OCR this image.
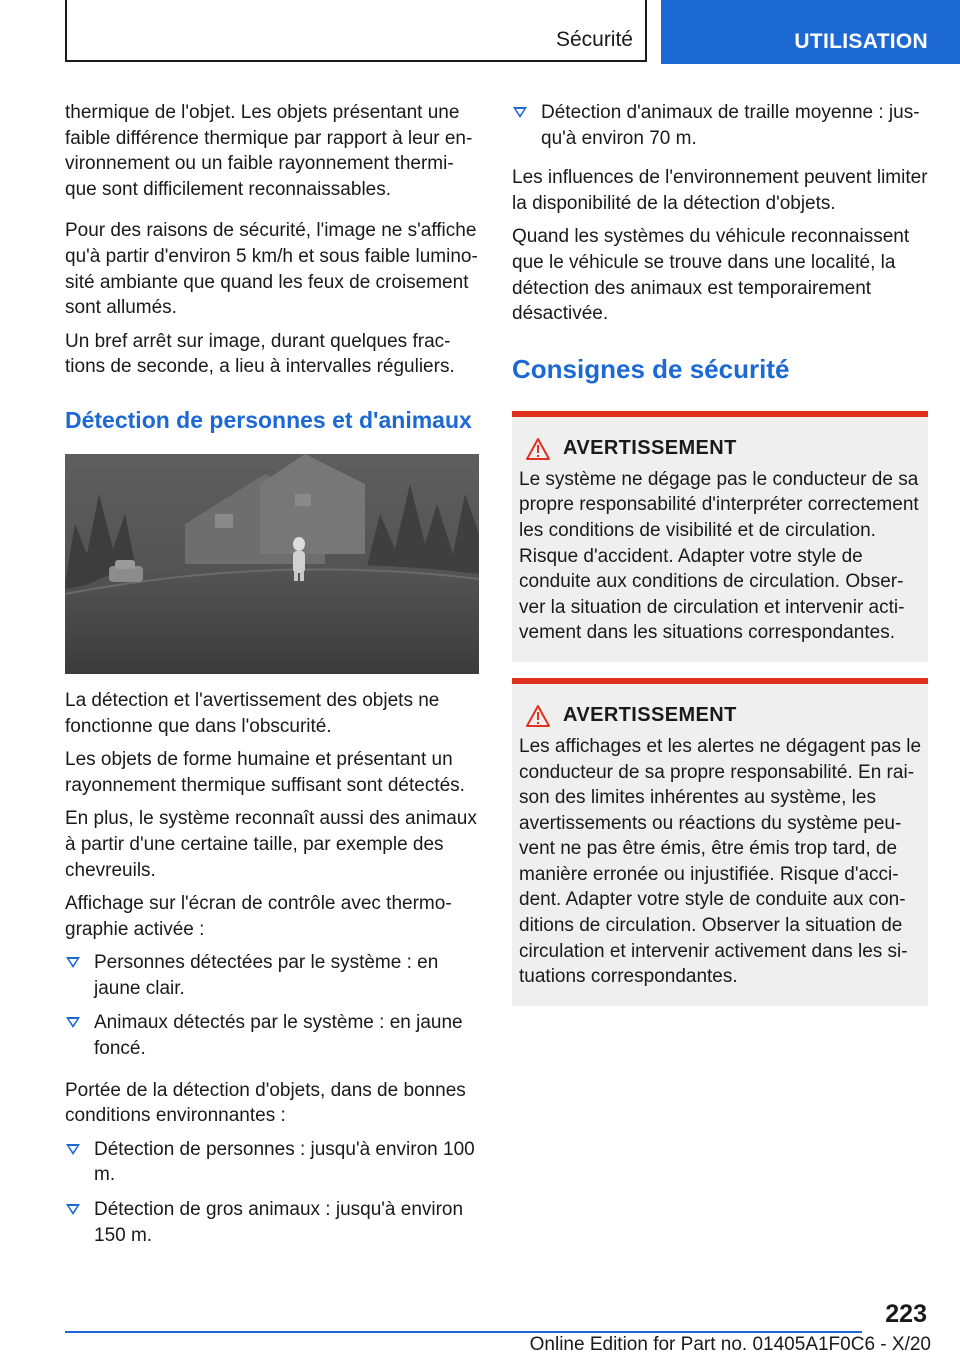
Sécurité	UTILISATION

thermique de l'objet. Les objets présentant une faible différence thermique par rapport à leur environnement ou un faible rayonnement thermique sont difficilement reconnaissables.

Pour des raisons de sécurité, l'image ne s'affiche qu'à partir d'environ 5 km/h et sous faible luminosité ambiante que quand les feux de croisement sont allumés.

Un bref arrêt sur image, durant quelques fractions de seconde, a lieu à intervalles réguliers.

Détection de personnes et d'animaux

La détection et l'avertissement des objets ne fonctionne que dans l'obscurité.

Les objets de forme humaine et présentant un rayonnement thermique suffisant sont détectés.

En plus, le système reconnaît aussi des animaux à partir d'une certaine taille, par exemple des chevreuils.

Affichage sur l'écran de contrôle avec thermographie activée :

Personnes détectées par le système : en jaune clair.
Animaux détectés par le système : en jaune foncé.

Portée de la détection d'objets, dans de bonnes conditions environnantes :

Détection de personnes : jusqu'à environ 100 m.
Détection de gros animaux : jusqu'à environ 150 m.
Détection d'animaux de traille moyenne : jusqu'à environ 70 m.

Les influences de l'environnement peuvent limiter la disponibilité de la détection d'objets.

Quand les systèmes du véhicule reconnaissent que le véhicule se trouve dans une localité, la détection des animaux est temporairement désactivée.

Consignes de sécurité
AVERTISSEMENT

Le système ne dégage pas le conducteur de sa propre responsabilité d'interpréter correctement les conditions de visibilité et de circulation. Risque d'accident. Adapter votre style de conduite aux conditions de circulation. Observer la situation de circulation et intervenir activement dans les situations correspondantes.

AVERTISSEMENT

Les affichages et les alertes ne dégagent pas le conducteur de sa propre responsabilité. En raison des limites inhérentes au système, les avertissements ou réactions du système peuvent ne pas être émis, être émis trop tard, de manière erronée ou injustifiée. Risque d'accident. Adapter votre style de conduite aux conditions de circulation. Observer la situation de circulation et intervenir activement dans les situations correspondantes.

223
Online Edition for Part no. 01405A1F0C6 - X/20
